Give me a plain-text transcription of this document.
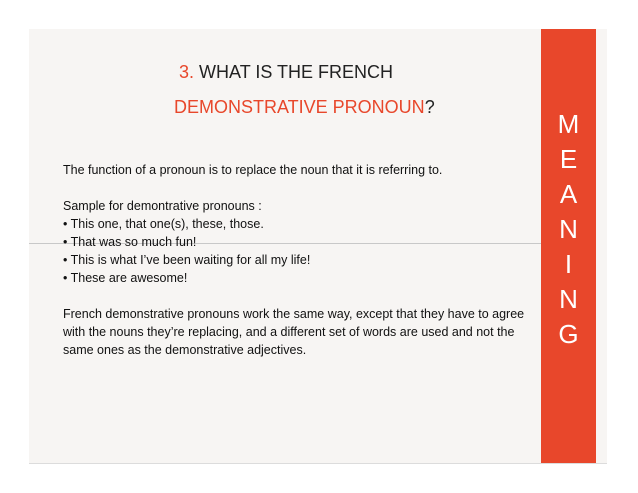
3. WHAT IS THE FRENCH
DEMONSTRATIVE PRONOUN?

The function of a pronoun is to replace the noun that it is referring to.

Sample for demontrative pronouns :

• This one, that one(s), these, those.

• That was so much fun!

• This is what I’ve been waiting for all my life!

• These are awesome!

French demonstrative pronouns work the same way, except that they have to agree with the nouns they’re replacing, and a different set of words are used and not the same ones as the demonstrative adjectives.

M
E
A
N
I
N
G
